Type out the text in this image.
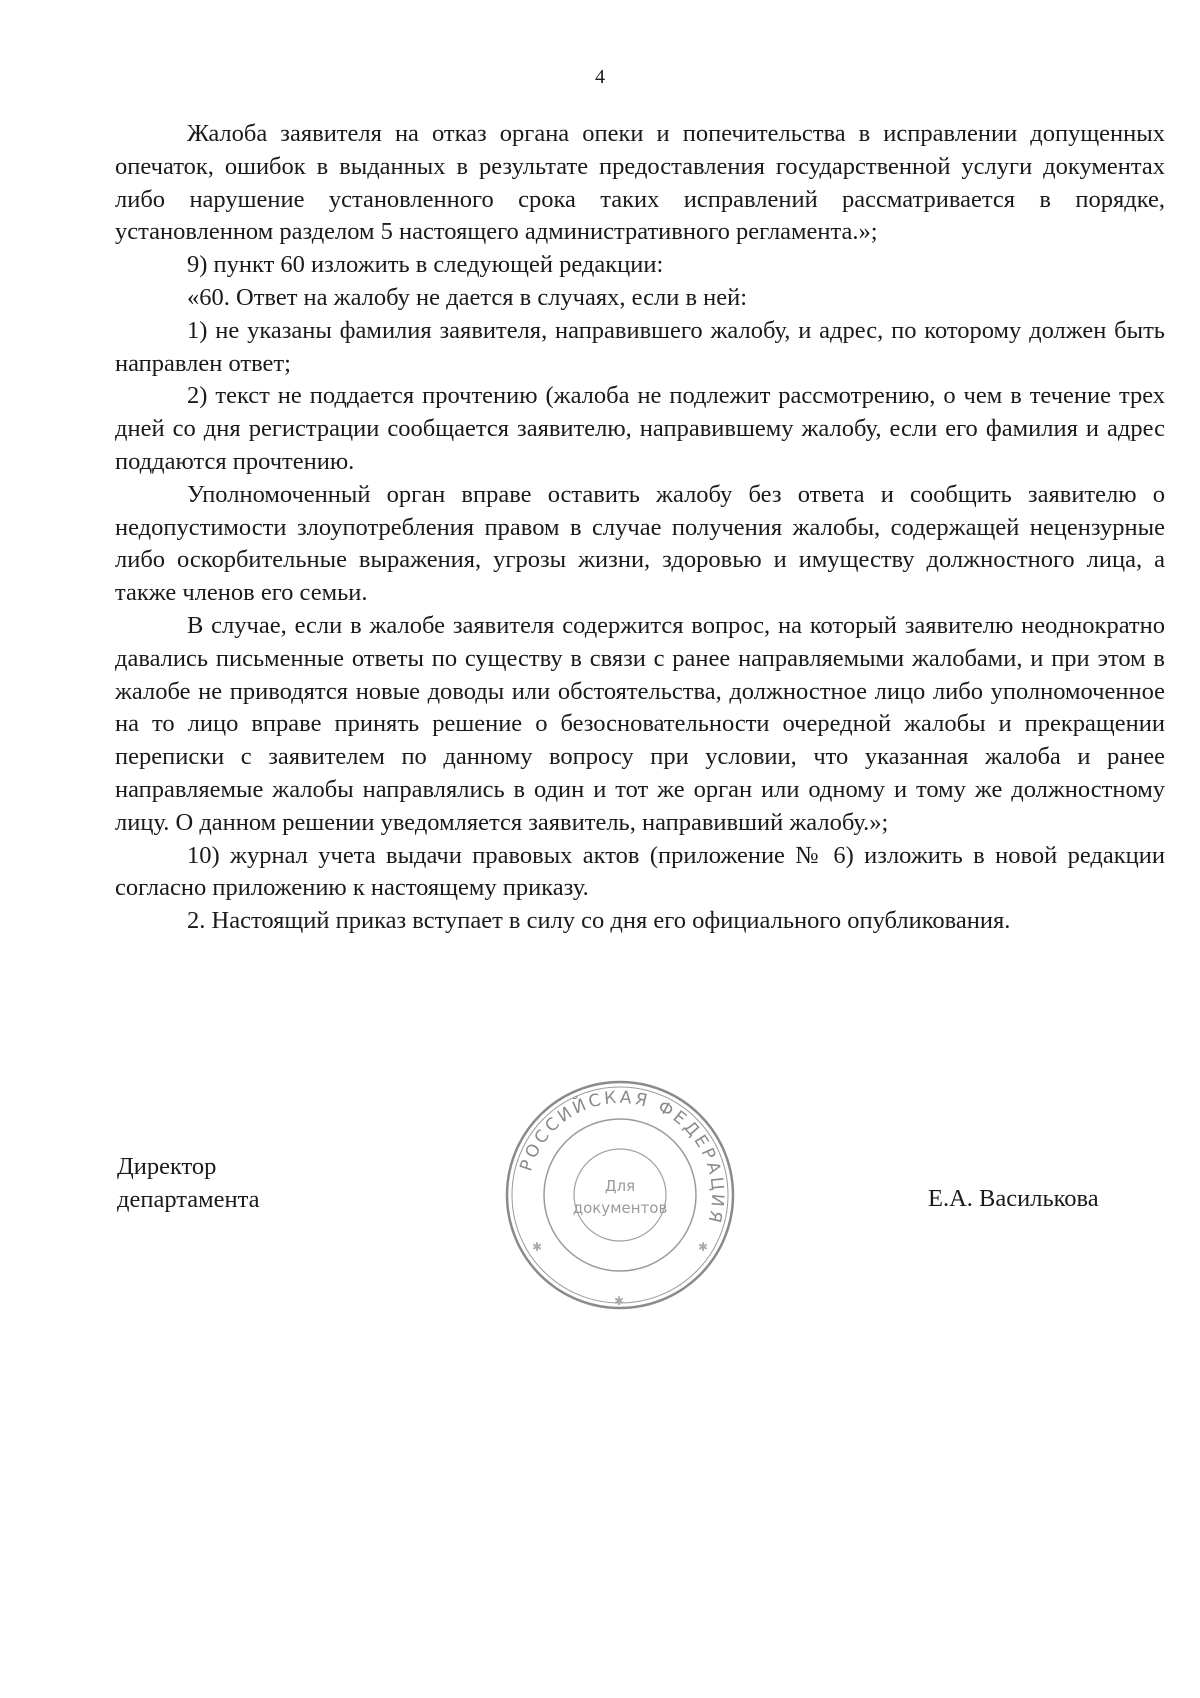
4

Жалоба заявителя на отказ органа опеки и попечительства в исправлении допущенных опечаток, ошибок в выданных в результате предоставления государственной услуги документах либо нарушение установленного срока таких исправлений рассматривается в порядке, установленном разделом 5 настоящего административного регламента.»;

9) пункт 60 изложить в следующей редакции:

«60. Ответ на жалобу не дается в случаях, если в ней:

1) не указаны фамилия заявителя, направившего жалобу, и адрес, по которому должен быть направлен ответ;

2) текст не поддается прочтению (жалоба не подлежит рассмотрению, о чем в течение трех дней со дня регистрации сообщается заявителю, направившему жалобу, если его фамилия и адрес поддаются прочтению.

Уполномоченный орган вправе оставить жалобу без ответа и сообщить заявителю о недопустимости злоупотребления правом в случае получения жалобы, содержащей нецензурные либо оскорбительные выражения, угрозы жизни, здоровью и имуществу должностного лица, а также членов его семьи.

В случае, если в жалобе заявителя содержится вопрос, на который заявителю неоднократно давались письменные ответы по существу в связи с ранее направляемыми жалобами, и при этом в жалобе не приводятся новые доводы или обстоятельства, должностное лицо либо уполномоченное на то лицо вправе принять решение о безосновательности очередной жалобы и прекращении переписки с заявителем по данному вопросу при условии, что указанная жалоба и ранее направляемые жалобы направлялись в один и тот же орган или одному и тому же должностному лицу. О данном решении уведомляется заявитель, направивший жалобу.»;

10) журнал учета выдачи правовых актов (приложение № 6) изложить в новой редакции согласно приложению к настоящему приказу.

2. Настоящий приказ вступает в силу со дня его официального опубликования.

Директор
департамента
РОССИЙСКАЯ ФЕДЕРАЦИЯ
Для
документов
✱	✱
✱
Е.А. Василькова
